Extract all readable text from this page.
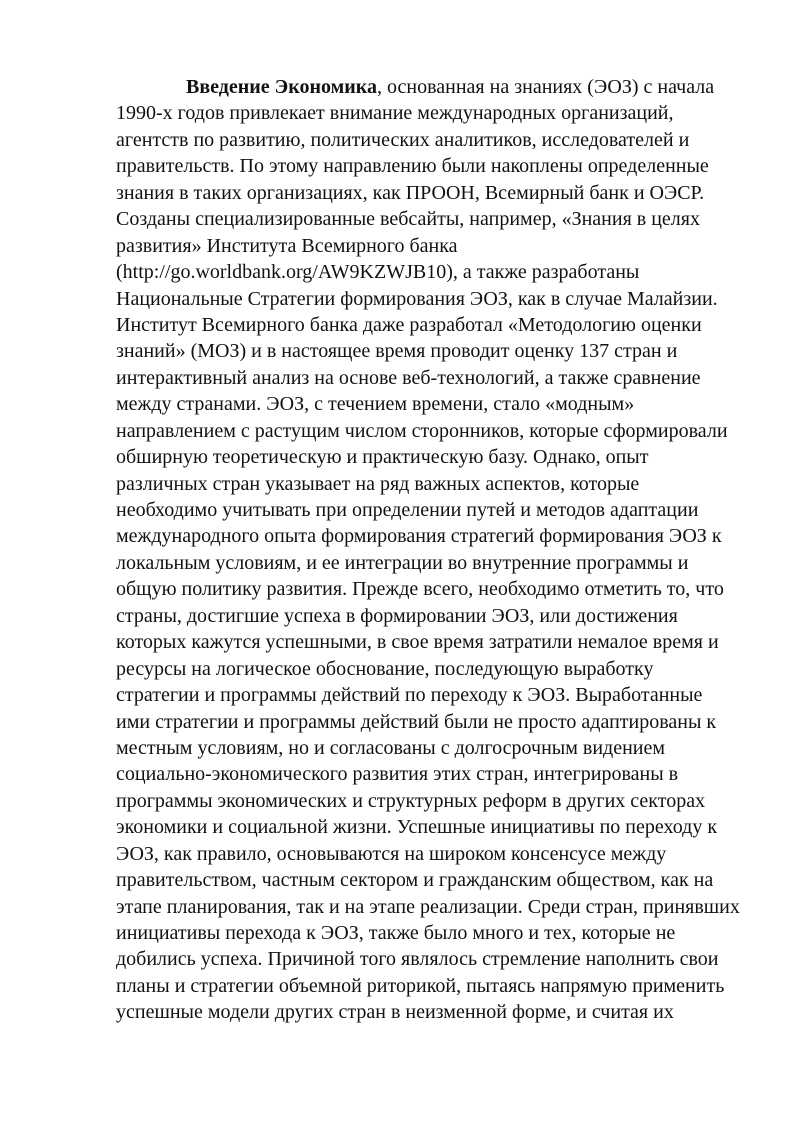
Введение Экономика, основанная на знаниях (ЭОЗ) с начала
1990-х годов привлекает внимание международных организаций,
агентств по развитию, политических аналитиков, исследователей и
правительств. По этому направлению были накоплены определенные
знания в таких организациях, как ПРООН, Всемирный банк и ОЭСР.
Созданы специализированные вебсайты, например, «Знания в целях
развития» Института Всемирного банка
(http://go.worldbank.org/AW9KZWJB10), а также разработаны
Национальные Стратегии формирования ЭОЗ, как в случае Малайзии.
Институт Всемирного банка даже разработал «Методологию оценки
знаний» (МОЗ) и в настоящее время проводит оценку 137 стран и
интерактивный анализ на основе веб-технологий, а также сравнение
между странами. ЭОЗ, с течением времени, стало «модным»
направлением с растущим числом сторонников, которые сформировали
обширную теоретическую и практическую базу. Однако, опыт
различных стран указывает на ряд важных аспектов, которые
необходимо учитывать при определении путей и методов адаптации
международного опыта формирования стратегий формирования ЭОЗ к
локальным условиям, и ее интеграции во внутренние программы и
общую политику развития. Прежде всего, необходимо отметить то, что
страны, достигшие успеха в формировании ЭОЗ, или достижения
которых кажутся успешными, в свое время затратили немалое время и
ресурсы на логическое обоснование, последующую выработку
стратегии и программы действий по переходу к ЭОЗ. Выработанные
ими стратегии и программы действий были не просто адаптированы к
местным условиям, но и согласованы с долгосрочным видением
социально-экономического развития этих стран, интегрированы в
программы экономических и структурных реформ в других секторах
экономики и социальной жизни. Успешные инициативы по переходу к
ЭОЗ, как правило, основываются на широком консенсусе между
правительством, частным сектором и гражданским обществом, как на
этапе планирования, так и на этапе реализации. Среди стран, принявших
инициативы перехода к ЭОЗ, также было много и тех, которые не
добились успеха. Причиной того являлось стремление наполнить свои
планы и стратегии объемной риторикой, пытаясь напрямую применить
успешные модели других стран в неизменной форме, и считая их
